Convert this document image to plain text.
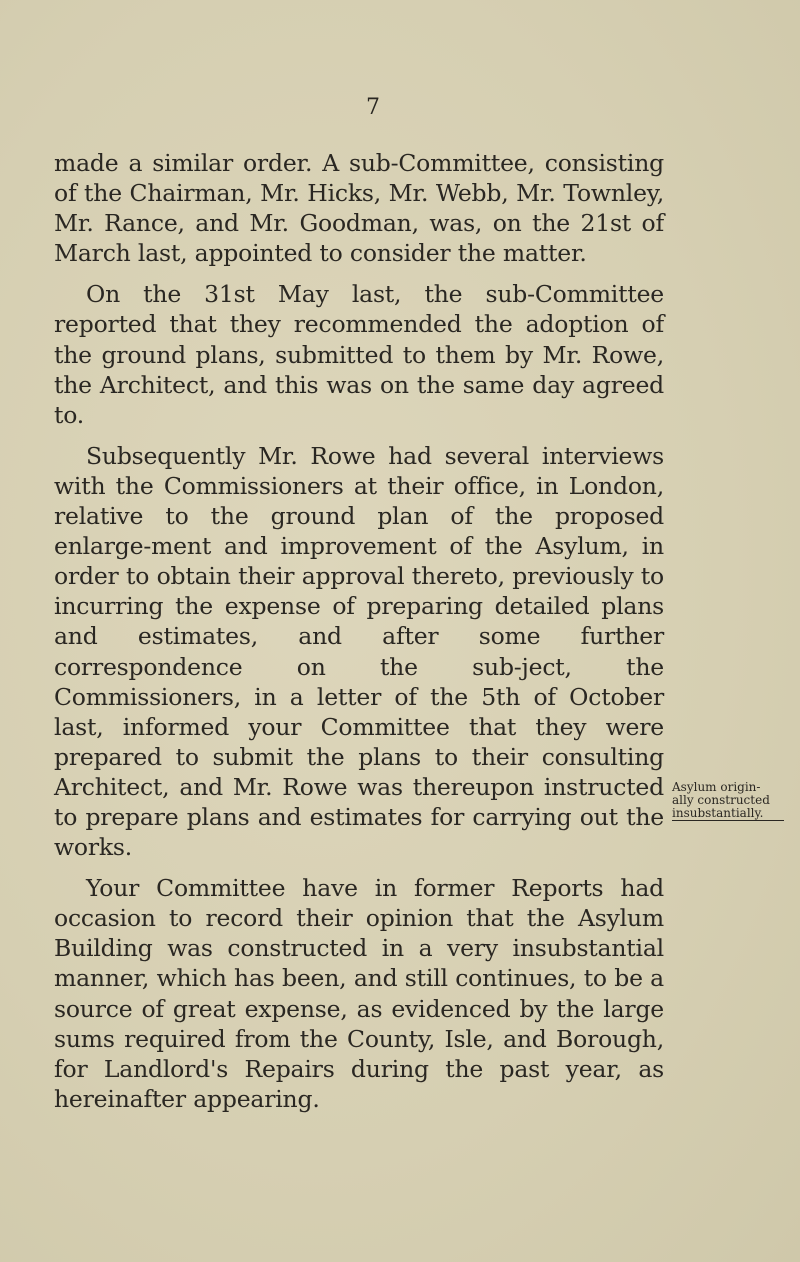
7

made a similar order. A sub-Committee, consisting of the Chairman, Mr. Hicks, Mr. Webb, Mr. Townley, Mr. Rance, and Mr. Goodman, was, on the 21st of March last, appointed to consider the matter.

On the 31st May last, the sub-Committee reported that they recommended the adoption of the ground plans, submitted to them by Mr. Rowe, the Architect, and this was on the same day agreed to.

Subsequently Mr. Rowe had several interviews with the Commissioners at their office, in London, relative to the ground plan of the proposed enlarge-ment and improvement of the Asylum, in order to obtain their approval thereto, previously to incurring the expense of preparing detailed plans and estimates, and after some further correspondence on the sub-ject, the Commissioners, in a letter of the 5th of October last, informed your Committee that they were prepared to submit the plans to their consulting Architect, and Mr. Rowe was thereupon instructed to prepare plans and estimates for carrying out the works.

Your Committee have in former Reports had occasion to record their opinion that the Asylum Building was constructed in a very insubstantial manner, which has been, and still continues, to be a source of great expense, as evidenced by the large sums required from the County, Isle, and Borough, for Landlord's Repairs during the past year, as hereinafter appearing.

Asylum origin-
ally constructed
insubstantially.
